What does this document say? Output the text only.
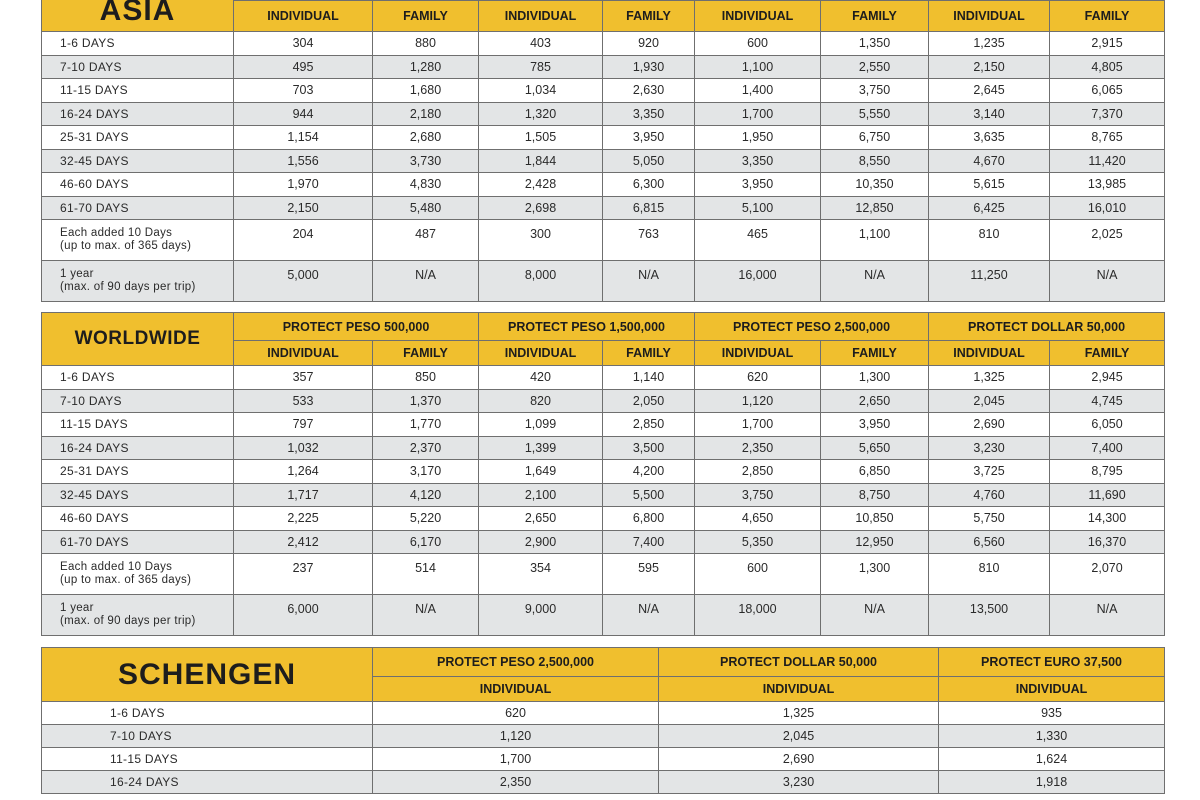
ASIA								
	INDIVIDUAL	FAMILY	INDIVIDUAL	FAMILY	INDIVIDUAL	FAMILY	INDIVIDUAL	FAMILY
1-6 DAYS	304	880	403	920	600	1,350	1,235	2,915
7-10 DAYS	495	1,280	785	1,930	1,100	2,550	2,150	4,805
11-15 DAYS	703	1,680	1,034	2,630	1,400	3,750	2,645	6,065
16-24 DAYS	944	2,180	1,320	3,350	1,700	5,550	3,140	7,370
25-31 DAYS	1,154	2,680	1,505	3,950	1,950	6,750	3,635	8,765
32-45 DAYS	1,556	3,730	1,844	5,050	3,350	8,550	4,670	11,420
46-60 DAYS	1,970	4,830	2,428	6,300	3,950	10,350	5,615	13,985
61-70 DAYS	2,150	5,480	2,698	6,815	5,100	12,850	6,425	16,010

Each added 10 Days
(up to max. of 365 days)	204	487	300	763	465	1,100	810	2,025

1 year
(max. of 90 days per trip)	5,000	N/A	8,000	N/A	16,000	N/A	11,250	N/A
WORLDWIDE	PROTECT PESO 500,000		PROTECT PESO 1,500,000		PROTECT PESO 2,500,000		PROTECT DOLLAR 50,000	
	INDIVIDUAL	FAMILY	INDIVIDUAL	FAMILY	INDIVIDUAL	FAMILY	INDIVIDUAL	FAMILY
1-6 DAYS	357	850	420	1,140	620	1,300	1,325	2,945
7-10 DAYS	533	1,370	820	2,050	1,120	2,650	2,045	4,745
11-15 DAYS	797	1,770	1,099	2,850	1,700	3,950	2,690	6,050
16-24 DAYS	1,032	2,370	1,399	3,500	2,350	5,650	3,230	7,400
25-31 DAYS	1,264	3,170	1,649	4,200	2,850	6,850	3,725	8,795
32-45 DAYS	1,717	4,120	2,100	5,500	3,750	8,750	4,760	11,690
46-60 DAYS	2,225	5,220	2,650	6,800	4,650	10,850	5,750	14,300
61-70 DAYS	2,412	6,170	2,900	7,400	5,350	12,950	6,560	16,370

Each added 10 Days
(up to max. of 365 days)	237	514	354	595	600	1,300	810	2,070

1 year
(max. of 90 days per trip)	6,000	N/A	9,000	N/A	18,000	N/A	13,500	N/A
SCHENGEN	PROTECT PESO 2,500,000	PROTECT DOLLAR 50,000	PROTECT EURO 37,500
	INDIVIDUAL	INDIVIDUAL	INDIVIDUAL
1-6 DAYS	620	1,325	935
7-10 DAYS	1,120	2,045	1,330
11-15 DAYS	1,700	2,690	1,624
16-24 DAYS	2,350	3,230	1,918
